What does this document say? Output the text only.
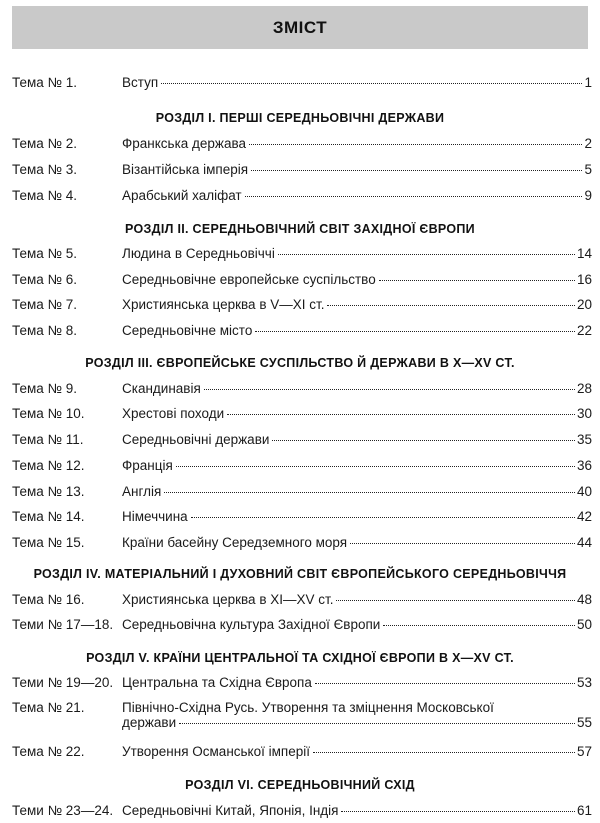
ЗМІСТ
Тема № 1.	Вступ	1
РОЗДІЛ І. ПЕРШІ СЕРЕДНЬОВІЧНІ ДЕРЖАВИ
Тема № 2.	Франкська держава	2
Тема № 3.	Візантійська імперія	5
Тема № 4.	Арабський халіфат	9
РОЗДІЛ ІІ. СЕРЕДНЬОВІЧНИЙ СВІТ ЗАХІДНОЇ ЄВРОПИ
Тема № 5.	Людина в Середньовіччі	14
Тема № 6.	Середньовічне европейське суспільство	16
Тема № 7.	Християнська церква в V—XI ст.	20
Тема № 8.	Середньовічне місто	22
РОЗДІЛ ІІІ. ЄВРОПЕЙСЬКЕ СУСПІЛЬСТВО Й ДЕРЖАВИ В X—XV СТ.
Тема № 9.	Скандинавія	28
Тема № 10.	Хрестові походи	30
Тема № 11.	Середньовічні держави	35
Тема № 12.	Франція	36
Тема № 13.	Англія	40
Тема № 14.	Німеччина	42
Тема № 15.	Країни басейну Середземного моря	44
РОЗДІЛ IV. МАТЕРІАЛЬНИЙ І ДУХОВНИЙ СВІТ ЄВРОПЕЙСЬКОГО СЕРЕДНЬОВІЧЧЯ
Тема № 16.	Християнська церква в XI—XV ст.	48
Теми № 17—18. Середньовічна культура Західної Європи	50
РОЗДІЛ V. КРАЇНИ ЦЕНТРАЛЬНОЇ ТА СХІДНОЇ ЄВРОПИ В X—XV СТ.
Теми № 19—20. Центральна та Східна Європа	53
Тема № 21.	Північно-Східна Русь. Утворення та зміцнення Московської
держави	55
Тема № 22.	Утворення Османської імперії	57
РОЗДІЛ VI. СЕРЕДНЬОВІЧНИЙ СХІД
Теми № 23—24. Середньовічні Китай, Японія, Індія	61
